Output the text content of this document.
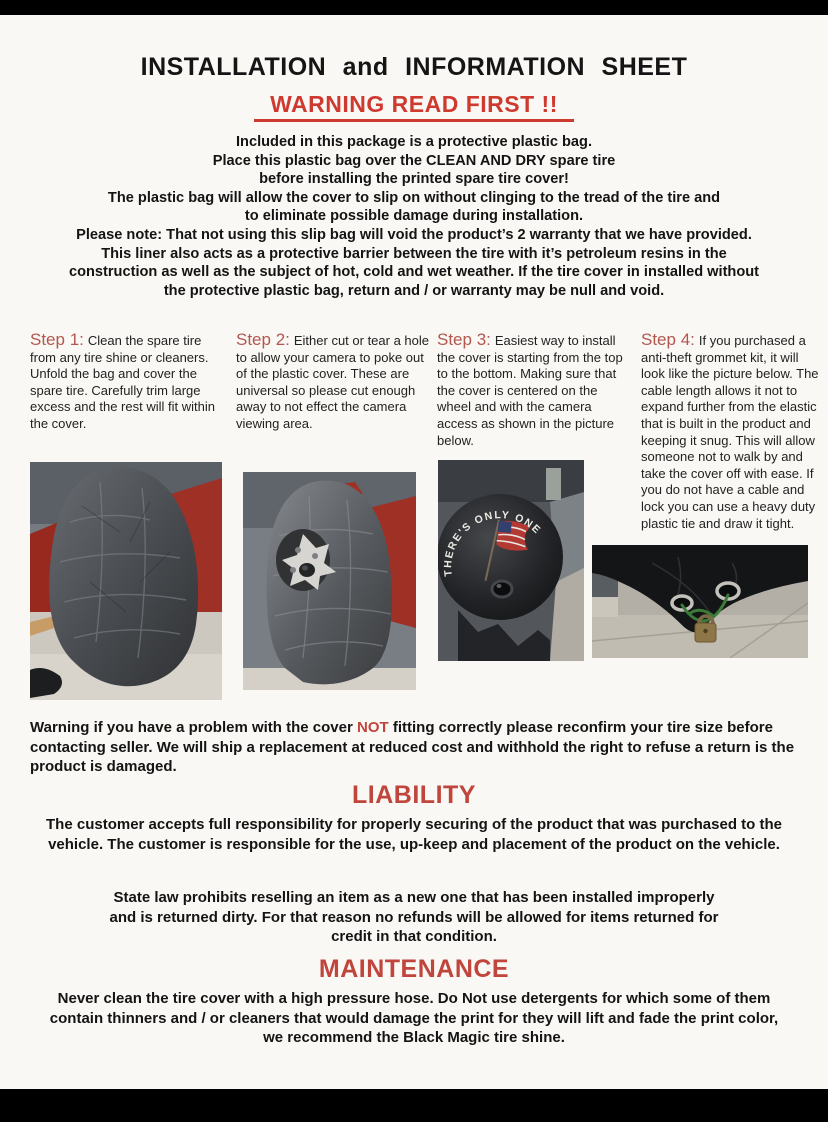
INSTALLATION and INFORMATION SHEET
WARNING READ FIRST !!
Included in this package is a protective plastic bag.
Place this plastic bag over the CLEAN AND DRY spare tire
before installing the printed spare tire cover!
The plastic bag will allow the cover to slip on without clinging to the tread of the tire and
to eliminate possible damage during installation.
Please note: That not using this slip bag will void the product’s 2 warranty that we have provided.
This liner also acts as a protective barrier between the tire with it’s petroleum resins in the
construction as well as the subject of hot, cold and wet weather. If the tire cover in installed without
the protective plastic bag, return and / or warranty may be null and void.
Step 1: Clean the spare tire from any tire shine or cleaners. Unfold the bag and cover the spare tire. Carefully trim large excess and the rest will fit within the cover.
Step 2: Either cut or tear a hole to allow your camera to poke out of the plastic cover. These are universal so please cut enough away to not effect the camera viewing area.
Step 3: Easiest way to install the cover is starting from the top to the bottom. Making sure that the cover is centered on the wheel and with the camera access as shown in the picture below.
Step 4: If you purchased a anti-theft grommet kit, it will look like the picture below. The cable length allows it not to expand further from the elastic that is built in the product and keeping it snug. This will allow someone not to walk by and take the cover off with ease. If you do not have a cable and lock you can use a heavy duty plastic tie and draw it tight.
THERE'S ONLY ONE
Warning if you have a problem with the cover NOT fitting correctly please reconfirm your tire size before contacting seller. We will ship a replacement at reduced cost and withhold the right to refuse a return is the product is damaged.
LIABILITY
The customer accepts full responsibility for properly securing of the product that was purchased to the vehicle. The customer is responsible for the use, up-keep and placement of the product on the vehicle.
State law prohibits reselling an item as a new one that has been installed improperly and is returned dirty. For that reason no refunds will be allowed for items returned for credit in that condition.
MAINTENANCE
Never clean the tire cover with a high pressure hose. Do Not use detergents for which some of them contain thinners and / or cleaners that would damage the print for they will lift and fade the print color, we recommend the Black Magic tire shine.
